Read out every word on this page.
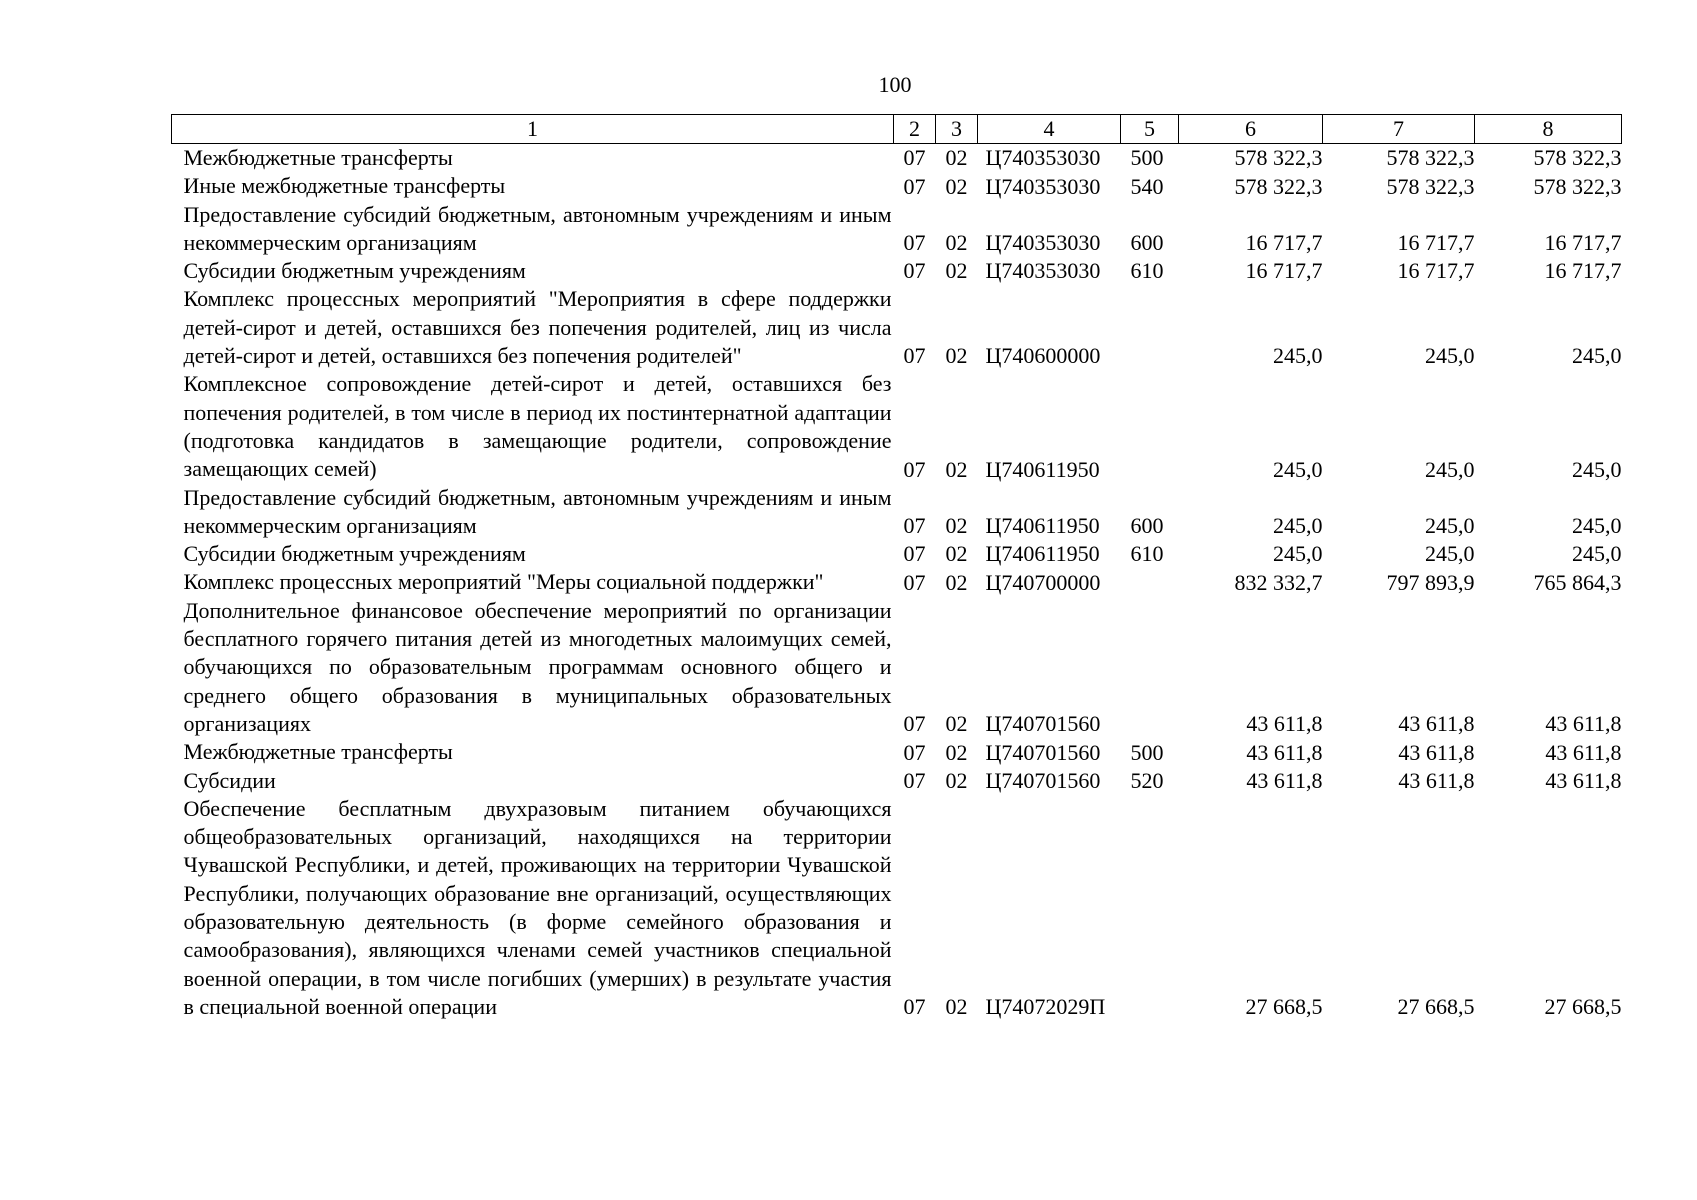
100
1	2	3	4	5	6	7	8
Межбюджетные трансферты	07	02	Ц740353030	500	578 322,3	578 322,3	578 322,3
Иные межбюджетные трансферты	07	02	Ц740353030	540	578 322,3	578 322,3	578 322,3
Предоставление субсидий бюджетным, автономным учреждениям и иным некоммерческим организациям	07	02	Ц740353030	600	16 717,7	16 717,7	16 717,7
Субсидии бюджетным учреждениям	07	02	Ц740353030	610	16 717,7	16 717,7	16 717,7
Комплекс процессных мероприятий "Мероприятия в сфере поддержки детей-сирот и детей, оставшихся без попечения родителей, лиц из числа детей-сирот и детей, оставшихся без попечения родителей"	07	02	Ц740600000		245,0	245,0	245,0
Комплексное сопровождение детей-сирот и детей, оставшихся без попечения родителей, в том числе в период их постинтернатной адаптации (подготовка кандидатов в замещающие родители, сопровождение замещающих семей)	07	02	Ц740611950		245,0	245,0	245,0
Предоставление субсидий бюджетным, автономным учреждениям и иным некоммерческим организациям	07	02	Ц740611950	600	245,0	245,0	245,0
Субсидии бюджетным учреждениям	07	02	Ц740611950	610	245,0	245,0	245,0
Комплекс процессных мероприятий "Меры социальной поддержки"	07	02	Ц740700000		832 332,7	797 893,9	765 864,3
Дополнительное финансовое обеспечение мероприятий по организации бесплатного горячего питания детей из многодетных малоимущих семей, обучающихся по образовательным программам основного общего и среднего общего образования в муниципальных образовательных организациях	07	02	Ц740701560		43 611,8	43 611,8	43 611,8
Межбюджетные трансферты	07	02	Ц740701560	500	43 611,8	43 611,8	43 611,8
Субсидии	07	02	Ц740701560	520	43 611,8	43 611,8	43 611,8
Обеспечение бесплатным двухразовым питанием обучающихся общеобразовательных организаций, находящихся на территории Чувашской Республики, и детей, проживающих на территории Чувашской Республики, получающих образование вне организаций, осуществляющих образовательную деятельность (в форме семейного образования и самообразования), являющихся членами семей участников специальной военной операции, в том числе погибших (умерших) в результате участия в специальной военной операции	07	02	Ц74072029П		27 668,5	27 668,5	27 668,5
